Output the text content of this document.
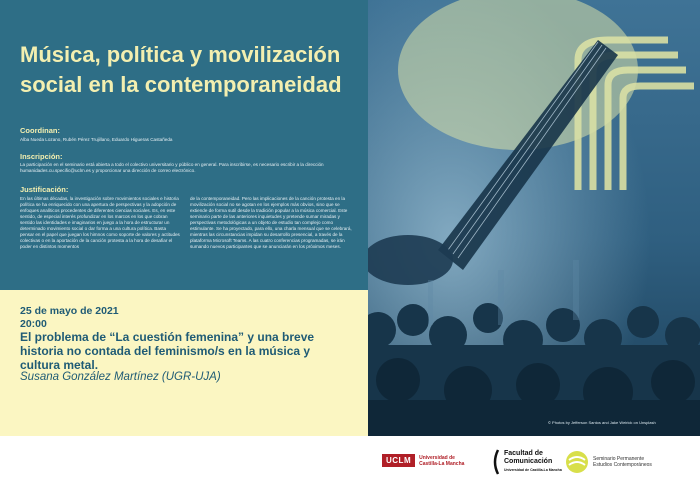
Música, política y movilización social en la contemporaneidad

Coordinan:

Alba Nueda Lozano, Rubén Pérez Trujillano, Eduardo Higueras Castañeda

Inscripción:

La participación en el seminario está abierta a todo el colectivo universitario y público en general. Para inscribirse, es necesario escribir a la dirección humanidades.cu.specific@uclm.es y proporcionar una dirección de correo electrónico.

Justificación:

En las últimas décadas, la investigación sobre movimientos sociales e historia política se ha enriquecido con una apertura de perspectivas y la adopción de enfoques analíticos procedentes de diferentes ciencias sociales. Es, en este sentido, de especial interés profundizar en los marcos en los que cobran sentido las identidades e imaginarios en juego a la hora de estructurar un determinado movimiento social o dar forma a una cultura política. Basta pensar en el papel que juegan los himnos como soporte de valores y actitudes colectivas o en la aportación de la canción protesta a la hora de desafiar el poder en distintos momentos

de la contemporaneidad. Pero las implicaciones de la canción protesta en la movilización social no se agotan en los ejemplos más obvios, sino que se extiende de forma sutil desde la tradición popular a la música comercial. Este seminario parte de las anteriores inquietudes y pretende sumar miradas y perspectivas metodológicas a un objeto de estudio tan complejo como estimulante. Se ha proyectado, para ello, una charla mensual que se celebrará, mientras las circunstancias impidan su desarrollo presencial, a través de la plataforma Microsoft Teams. A las cuatro conferencias programadas, se irán sumando nuevos participantes que se anunciarán en los próximos meses.

25 de mayo de 2021
20:00

El problema de “La cuestión femenina” y una breve historia no contada del feminismo/s en la música y cultura metal.

Susana González Martínez (UGR-UJA)
© Photos by Jefferson Santos and Jake Weirick on Unsplash
UCLM	Universidad de
Castilla-La Mancha
Facultad de
Comunicación
Universidad de Castilla-La Mancha
Seminario Permanente
Estudios Contemporáneos
